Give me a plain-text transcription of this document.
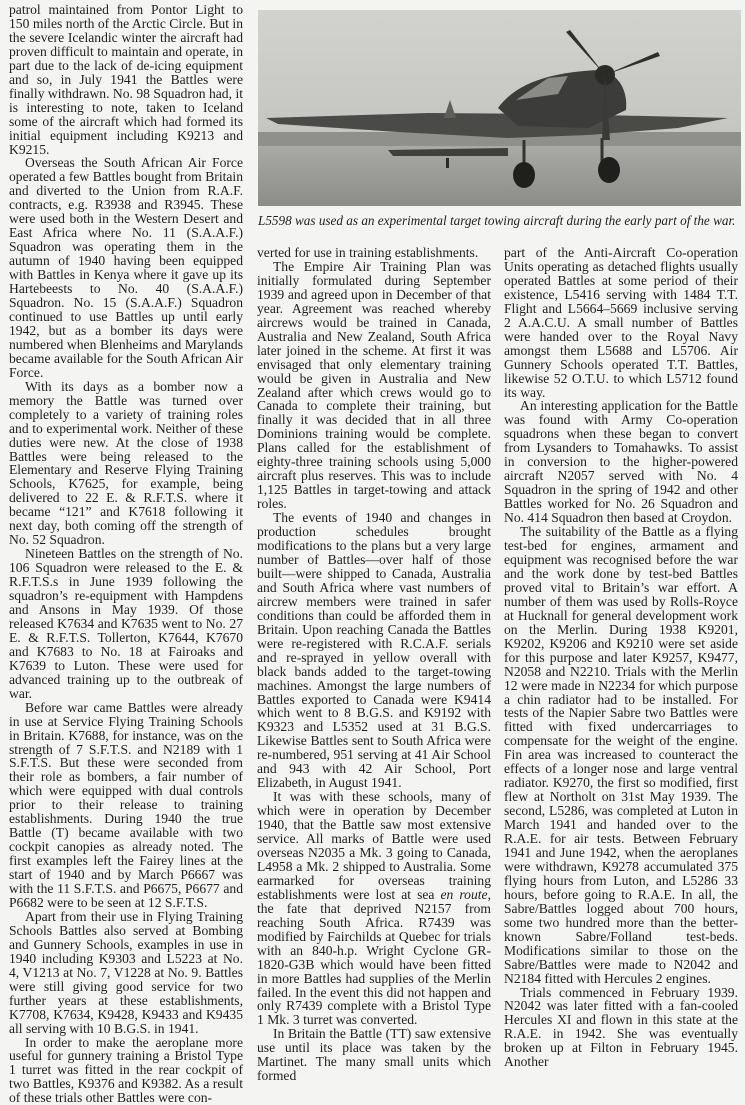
patrol maintained from Pontor Light to 150 miles north of the Arctic Circle. But in the severe Icelandic winter the aircraft had proven difficult to maintain and operate, in part due to the lack of de-icing equipment and so, in July 1941 the Battles were finally withdrawn. No. 98 Squadron had, it is interesting to note, taken to Iceland some of the aircraft which had formed its initial equipment including K9213 and K9215.

Overseas the South African Air Force operated a few Battles bought from Britain and diverted to the Union from R.A.F. contracts, e.g. R3938 and R3945. These were used both in the Western Desert and East Africa where No. 11 (S.A.A.F.) Squadron was operating them in the autumn of 1940 having been equipped with Battles in Kenya where it gave up its Hartebeests to No. 40 (S.A.A.F.) Squadron. No. 15 (S.A.A.F.) Squadron continued to use Battles up until early 1942, but as a bomber its days were numbered when Blenheims and Marylands became available for the South African Air Force.

With its days as a bomber now a memory the Battle was turned over completely to a variety of training roles and to experimental work. Neither of these duties were new. At the close of 1938 Battles were being released to the Elementary and Reserve Flying Training Schools, K7625, for example, being delivered to 22 E. & R.F.T.S. where it became “121” and K7618 following it next day, both coming off the strength of No. 52 Squadron.

Nineteen Battles on the strength of No. 106 Squadron were released to the E. & R.F.T.S.s in June 1939 following the squadron’s re-equipment with Hampdens and Ansons in May 1939. Of those released K7634 and K7635 went to No. 27 E. & R.F.T.S. Tollerton, K7644, K7670 and K7683 to No. 18 at Fairoaks and K7639 to Luton. These were used for advanced training up to the outbreak of war.

Before war came Battles were already in use at Service Flying Training Schools in Britain. K7688, for instance, was on the strength of 7 S.F.T.S. and N2189 with 1 S.F.T.S. But these were seconded from their role as bombers, a fair number of which were equipped with dual controls prior to their release to training establishments. During 1940 the true Battle (T) became available with two cockpit canopies as already noted. The first examples left the Fairey lines at the start of 1940 and by March P6667 was with the 11 S.F.T.S. and P6675, P6677 and P6682 were to be seen at 12 S.F.T.S.

Apart from their use in Flying Training Schools Battles also served at Bombing and Gunnery Schools, examples in use in 1940 including K9303 and L5223 at No. 4, V1213 at No. 7, V1228 at No. 9. Battles were still giving good service for two further years at these establishments, K7708, K7634, K9428, K9433 and K9435 all serving with 10 B.G.S. in 1941.

In order to make the aeroplane more useful for gunnery training a Bristol Type 1 turret was fitted in the rear cockpit of two Battles, K9376 and K9382. As a result of these trials other Battles were con-

L5598 was used as an experimental target towing aircraft during the early part of the war.

verted for use in training establishments.

The Empire Air Training Plan was initially formulated during September 1939 and agreed upon in December of that year. Agreement was reached whereby aircrews would be trained in Canada, Australia and New Zealand, South Africa later joined in the scheme. At first it was envisaged that only elementary training would be given in Australia and New Zealand after which crews would go to Canada to complete their training, but finally it was decided that in all three Dominions training would be complete. Plans called for the establishment of eighty-three training schools using 5,000 aircraft plus reserves. This was to include 1,125 Battles in target-towing and attack roles.

The events of 1940 and changes in production schedules brought modifications to the plans but a very large number of Battles—over half of those built—were shipped to Canada, Australia and South Africa where vast numbers of aircrew members were trained in safer conditions than could be afforded them in Britain. Upon reaching Canada the Battles were re-registered with R.C.A.F. serials and re-sprayed in yellow overall with black bands added to the target-towing machines. Amongst the large numbers of Battles exported to Canada were K9414 which went to 8 B.G.S. and K9192 with K9323 and L5352 used at 31 B.G.S. Likewise Battles sent to South Africa were re-numbered, 951 serving at 41 Air School and 943 with 42 Air School, Port Elizabeth, in August 1941.

It was with these schools, many of which were in operation by December 1940, that the Battle saw most extensive service. All marks of Battle were used overseas N2035 a Mk. 3 going to Canada, L4958 a Mk. 2 shipped to Australia. Some earmarked for overseas training establishments were lost at sea en route, the fate that deprived N2157 from reaching South Africa. R7439 was modified by Fairchilds at Quebec for trials with an 840-h.p. Wright Cyclone GR-1820-G3B which would have been fitted in more Battles had supplies of the Merlin failed. In the event this did not happen and only R7439 complete with a Bristol Type 1 Mk. 3 turret was converted.

In Britain the Battle (TT) saw extensive use until its place was taken by the Martinet. The many small units which formed

part of the Anti-Aircraft Co-operation Units operating as detached flights usually operated Battles at some period of their existence, L5416 serving with 1484 T.T. Flight and L5664–5669 inclusive serving 2 A.A.C.U. A small number of Battles were handed over to the Royal Navy amongst them L5688 and L5706. Air Gunnery Schools operated T.T. Battles, likewise 52 O.T.U. to which L5712 found its way.

An interesting application for the Battle was found with Army Co-operation squadrons when these began to convert from Lysanders to Tomahawks. To assist in conversion to the higher-powered aircraft N2057 served with No. 4 Squadron in the spring of 1942 and other Battles worked for No. 26 Squadron and No. 414 Squadron then based at Croydon.

The suitability of the Battle as a flying test-bed for engines, armament and equipment was recognised before the war and the work done by test-bed Battles proved vital to Britain’s war effort. A number of them was used by Rolls-Royce at Hucknall for general development work on the Merlin. During 1938 K9201, K9202, K9206 and K9210 were set aside for this purpose and later K9257, K9477, N2058 and N2210. Trials with the Merlin 12 were made in N2234 for which purpose a chin radiator had to be installed. For tests of the Napier Sabre two Battles were fitted with fixed undercarriages to compensate for the weight of the engine. Fin area was increased to counteract the effects of a longer nose and large ventral radiator. K9270, the first so modified, first flew at Northolt on 31st May 1939. The second, L5286, was completed at Luton in March 1941 and handed over to the R.A.E. for air tests. Between February 1941 and June 1942, when the aeroplanes were withdrawn, K9278 accumulated 375 flying hours from Luton, and L5286 33 hours, before going to R.A.E. In all, the Sabre/Battles logged about 700 hours, some two hundred more than the better-known Sabre/Folland test-beds. Modifications similar to those on the Sabre/Battles were made to N2042 and N2184 fitted with Hercules 2 engines.

Trials commenced in February 1939. N2042 was later fitted with a fan-cooled Hercules XI and flown in this state at the R.A.E. in 1942. She was eventually broken up at Filton in February 1945. Another
